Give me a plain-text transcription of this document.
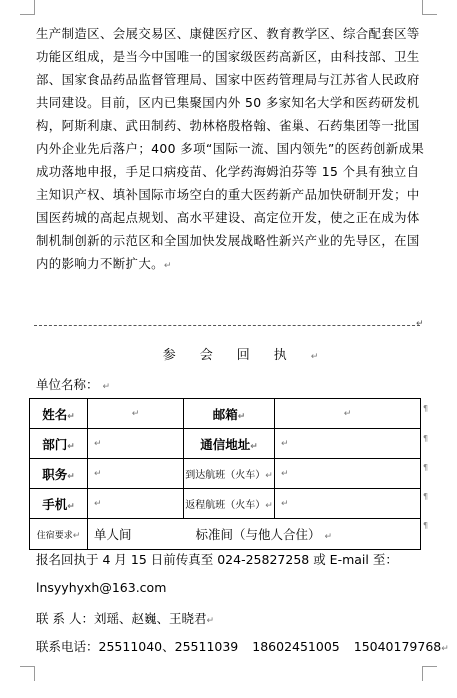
生产制造区、会展交易区、康健医疗区、教育教学区、综合配套区等
功能区组成，是当今中国唯一的国家级医药高新区，由科技部、卫生
部、国家食品药品监督管理局、国家中医药管理局与江苏省人民政府
共同建设。目前，区内已集聚国内外 50 多家知名大学和医药研发机
构，阿斯利康、武田制药、勃林格殷格翰、雀巢、石药集团等一批国
内外企业先后落户；400 多项“国际一流、国内领先”的医药创新成果
成功落地申报，手足口病疫苗、化学药海姆泊芬等 15 个具有独立自
主知识产权、填补国际市场空白的重大医药新产品加快研制开发；中
国医药城的高起点规划、高水平建设、高定位开发，使之正在成为体
制机制创新的示范区和全国加快发展战略性新兴产业的先导区，在国
内的影响力不断扩大。↵
↵
参会回执↵
单位名称： ↵
姓名↵	↵	邮箱↵	↵
部门↵	↵	通信地址↵	↵
职务↵	↵	到达航班（火车）↵	↵
手机↵	↵	返程航班（火车）↵	↵
住宿要求↵	单人间 标准间（与他人合住） ↵		
¶
¶
¶
¶
¶
报名回执于 4 月 15 日前传真至 024-25827258 或 E-mail 至：
lnsyyhyxh@163.com
联 系 人：刘瑶、赵巍、王晓君↵
联系电话：25511040、25511039 18602451005 15040179768↵
